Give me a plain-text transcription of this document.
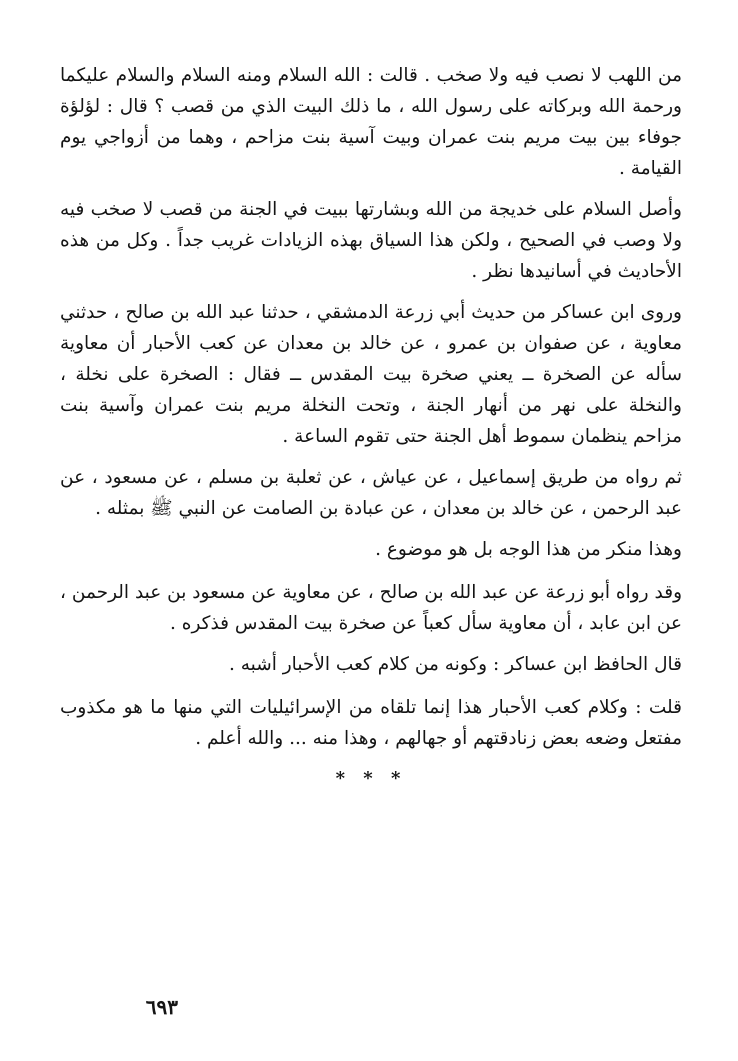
من اللهب لا نصب فيه ولا صخب . قالت : الله السلام ومنه السلام والسلام عليكما ورحمة الله وبركاته على رسول الله ، ما ذلك البيت الذي من قصب ؟ قال : لؤلؤة جوفاء بين بيت مريم بنت عمران وبيت آسية بنت مزاحم ، وهما من أزواجي يوم القيامة .

وأصل السلام على خديجة من الله وبشارتها ببيت في الجنة من قصب لا صخب فيه ولا وصب في الصحيح ، ولكن هذا السياق بهذه الزيادات غريب جداً . وكل من هذه الأحاديث في أسانيدها نظر .

وروى ابن عساكر من حديث أبي زرعة الدمشقي ، حدثنا عبد الله بن صالح ، حدثني معاوية ، عن صفوان بن عمرو ، عن خالد بن معدان عن كعب الأحبار أن معاوية سأله عن الصخرة ــ يعني صخرة بيت المقدس ــ فقال : الصخرة على نخلة ، والنخلة على نهر من أنهار الجنة ، وتحت النخلة مريم بنت عمران وآسية بنت مزاحم ينظمان سموط أهل الجنة حتى تقوم الساعة .

ثم رواه من طريق إسماعيل ، عن عياش ، عن ثعلبة بن مسلم ، عن مسعود ، عن عبد الرحمن ، عن خالد بن معدان ، عن عبادة بن الصامت عن النبي ﷺ بمثله .

وهذا منكر من هذا الوجه بل هو موضوع .

وقد رواه أبو زرعة عن عبد الله بن صالح ، عن معاوية عن مسعود بن عبد الرحمن ، عن ابن عابد ، أن معاوية سأل كعباً عن صخرة بيت المقدس فذكره .

قال الحافظ ابن عساكر : وكونه من كلام كعب الأحبار أشبه .

قلت : وكلام كعب الأحبار هذا إنما تلقاه من الإسرائيليات التي منها ما هو مكذوب مفتعل وضعه بعض زنادقتهم أو جهالهم ، وهذا منه ... والله أعلم .

* * *
٦٩٣
